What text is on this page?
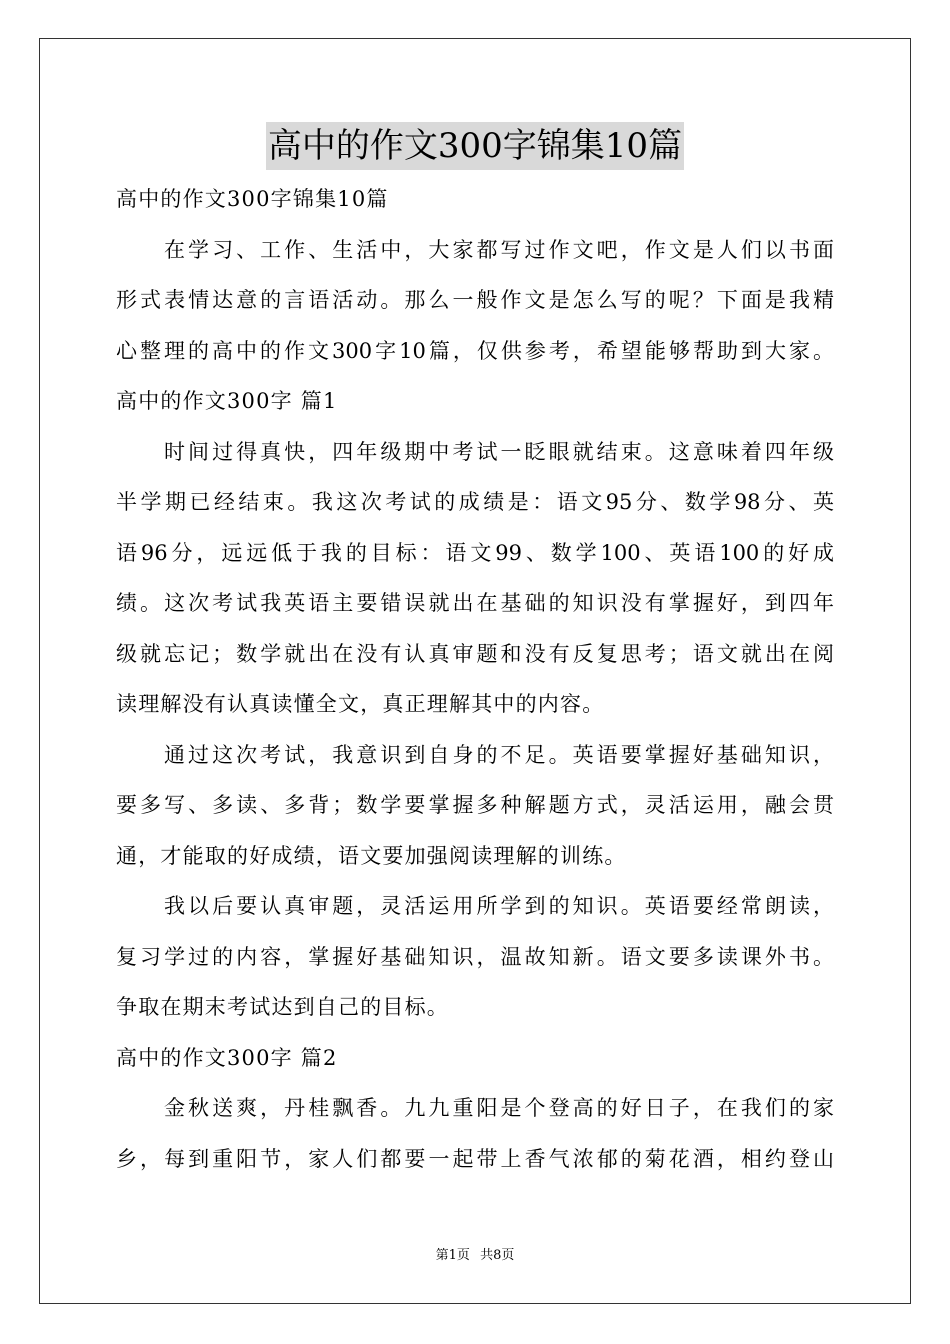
高中的作文300字锦集10篇
高中的作文300字锦集10篇
在学习、工作、生活中，大家都写过作文吧，作文是人们以书面
形式表情达意的言语活动。那么一般作文是怎么写的呢？下面是我精
心整理的高中的作文300字10篇，仅供参考，希望能够帮助到大家。
高中的作文300字 篇1
时间过得真快，四年级期中考试一眨眼就结束。这意味着四年级
半学期已经结束。我这次考试的成绩是：语文95分、数学98分、英
语96分，远远低于我的目标：语文99、数学100、英语100的好成
绩。这次考试我英语主要错误就出在基础的知识没有掌握好，到四年
级就忘记；数学就出在没有认真审题和没有反复思考；语文就出在阅
读理解没有认真读懂全文，真正理解其中的内容。
通过这次考试，我意识到自身的不足。英语要掌握好基础知识，
要多写、多读、多背；数学要掌握多种解题方式，灵活运用，融会贯
通，才能取的好成绩，语文要加强阅读理解的训练。
我以后要认真审题，灵活运用所学到的知识。英语要经常朗读，
复习学过的内容，掌握好基础知识，温故知新。语文要多读课外书。
争取在期末考试达到自己的目标。
高中的作文300字 篇2
金秋送爽，丹桂飘香。九九重阳是个登高的好日子，在我们的家
乡，每到重阳节，家人们都要一起带上香气浓郁的菊花酒，相约登山
第1页 共8页
